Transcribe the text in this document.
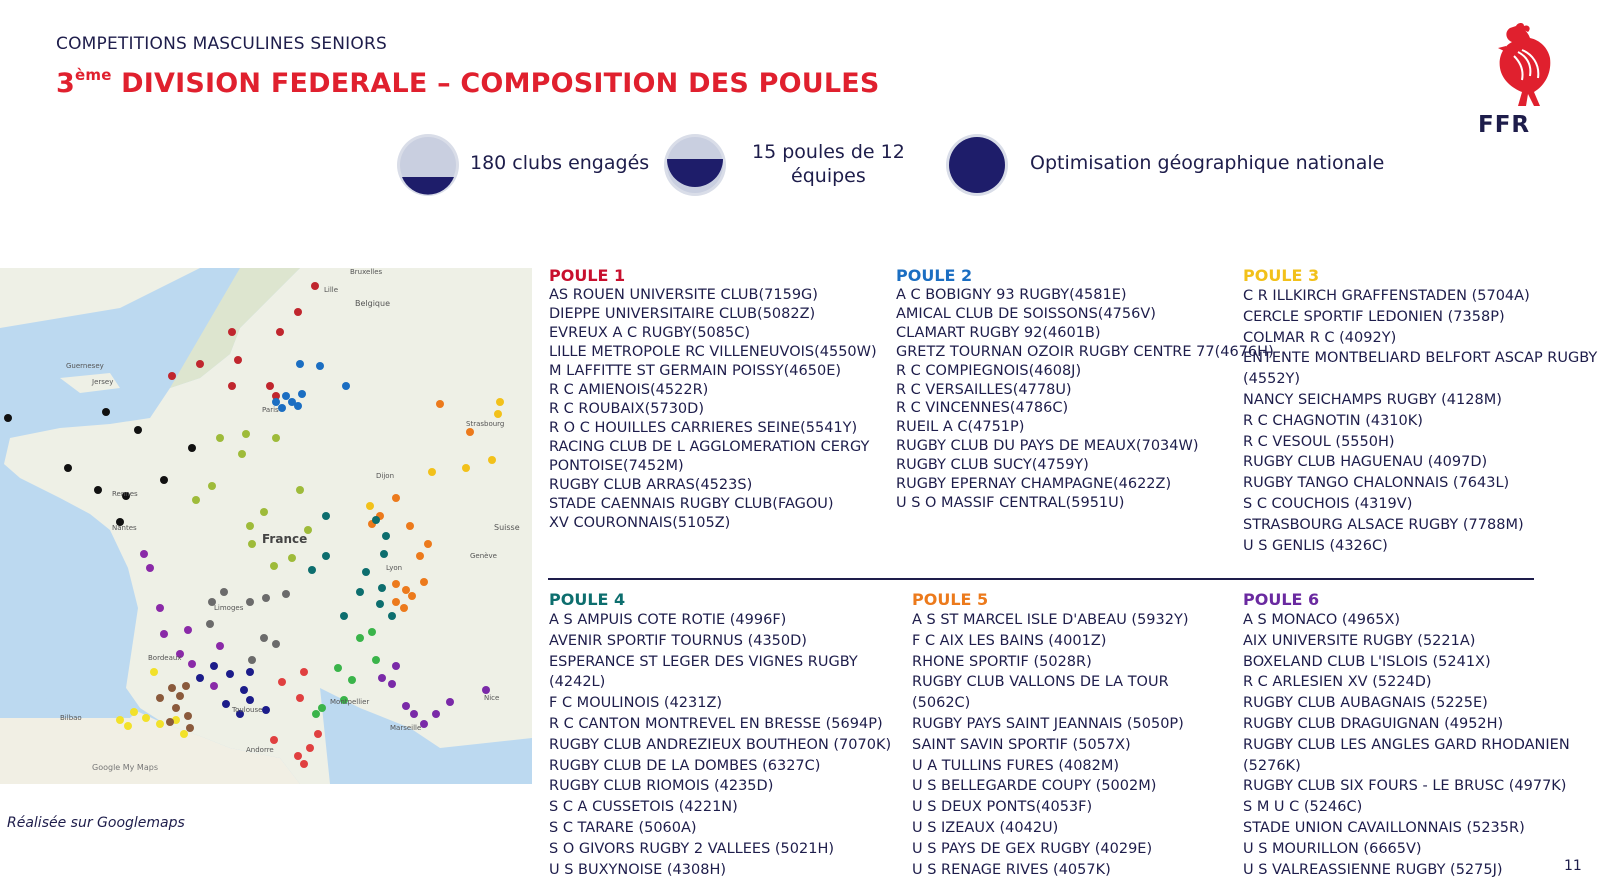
COMPETITIONS MASCULINES SENIORS
3ème DIVISION FEDERALE – COMPOSITION DES POULES
FFR
180 clubs engagés	15 poules de 12
équipes
Optimisation géographique nationale
Belgique
France
Suisse
Bruxelles
Paris
Lille
Strasbourg
Lyon
Bordeaux
Toulouse
Marseille
Nantes
Rennes
Nice
Genève
Dijon
Limoges
Montpellier
Bilbao
Andorre
Jersey
Guernesey
Google My Maps
Réalisée sur Googlemaps
POULE 1
AS ROUEN UNIVERSITE CLUB(7159G)
DIEPPE UNIVERSITAIRE CLUB(5082Z)
EVREUX A C RUGBY(5085C)
LILLE METROPOLE RC VILLENEUVOIS(4550W)
M LAFFITTE ST GERMAIN POISSY(4650E)
R C AMIENOIS(4522R)
R C ROUBAIX(5730D)
R O C HOUILLES CARRIERES SEINE(5541Y)
RACING CLUB DE L AGGLOMERATION CERGY
PONTOISE(7452M)
RUGBY CLUB ARRAS(4523S)
STADE CAENNAIS RUGBY CLUB(FAGOU)
XV COURONNAIS(5105Z)
POULE 2
A C BOBIGNY 93 RUGBY(4581E)
AMICAL CLUB DE SOISSONS(4756V)
CLAMART RUGBY 92(4601B)
GRETZ TOURNAN OZOIR RUGBY CENTRE 77(4676H)
R C COMPIEGNOIS(4608J)
R C VERSAILLES(4778U)
R C VINCENNES(4786C)
RUEIL A C(4751P)
RUGBY CLUB DU PAYS DE MEAUX(7034W)
RUGBY CLUB SUCY(4759Y)
RUGBY EPERNAY CHAMPAGNE(4622Z)
U S O MASSIF CENTRAL(5951U)
POULE 3
C R ILLKIRCH GRAFFENSTADEN (5704A)
CERCLE SPORTIF LEDONIEN (7358P)
COLMAR R C (4092Y)
ENTENTE MONTBELIARD BELFORT ASCAP RUGBY
(4552Y)
NANCY SEICHAMPS RUGBY (4128M)
R C CHAGNOTIN (4310K)
R C VESOUL (5550H)
RUGBY CLUB HAGUENAU (4097D)
RUGBY TANGO CHALONNAIS (7643L)
S C COUCHOIS (4319V)
STRASBOURG ALSACE RUGBY (7788M)
U S GENLIS (4326C)
POULE 4
A S AMPUIS COTE ROTIE (4996F)
AVENIR SPORTIF TOURNUS (4350D)
ESPERANCE ST LEGER DES VIGNES RUGBY
(4242L)
F C MOULINOIS (4231Z)
R C CANTON MONTREVEL EN BRESSE (5694P)
RUGBY CLUB ANDREZIEUX BOUTHEON (7070K)
RUGBY CLUB DE LA DOMBES (6327C)
RUGBY CLUB RIOMOIS (4235D)
S C A CUSSETOIS (4221N)
S C TARARE (5060A)
S O GIVORS RUGBY 2 VALLEES (5021H)
U S BUXYNOISE (4308H)
POULE 5
A S ST MARCEL ISLE D'ABEAU (5932Y)
F C AIX LES BAINS (4001Z)
RHONE SPORTIF (5028R)
RUGBY CLUB VALLONS DE LA TOUR
(5062C)
RUGBY PAYS SAINT JEANNAIS (5050P)
SAINT SAVIN SPORTIF (5057X)
U A TULLINS FURES (4082M)
U S BELLEGARDE COUPY (5002M)
U S DEUX PONTS(4053F)
U S IZEAUX (4042U)
U S PAYS DE GEX RUGBY (4029E)
U S RENAGE RIVES (4057K)
POULE 6
A S MONACO (4965X)
AIX UNIVERSITE RUGBY (5221A)
BOXELAND CLUB L'ISLOIS (5241X)
R C ARLESIEN XV (5224D)
RUGBY CLUB AUBAGNAIS (5225E)
RUGBY CLUB DRAGUIGNAN (4952H)
RUGBY CLUB LES ANGLES GARD RHODANIEN
(5276K)
RUGBY CLUB SIX FOURS - LE BRUSC (4977K)
S M U C (5246C)
STADE UNION CAVAILLONNAIS (5235R)
U S MOURILLON (6665V)
U S VALREASSIENNE RUGBY (5275J)	11
